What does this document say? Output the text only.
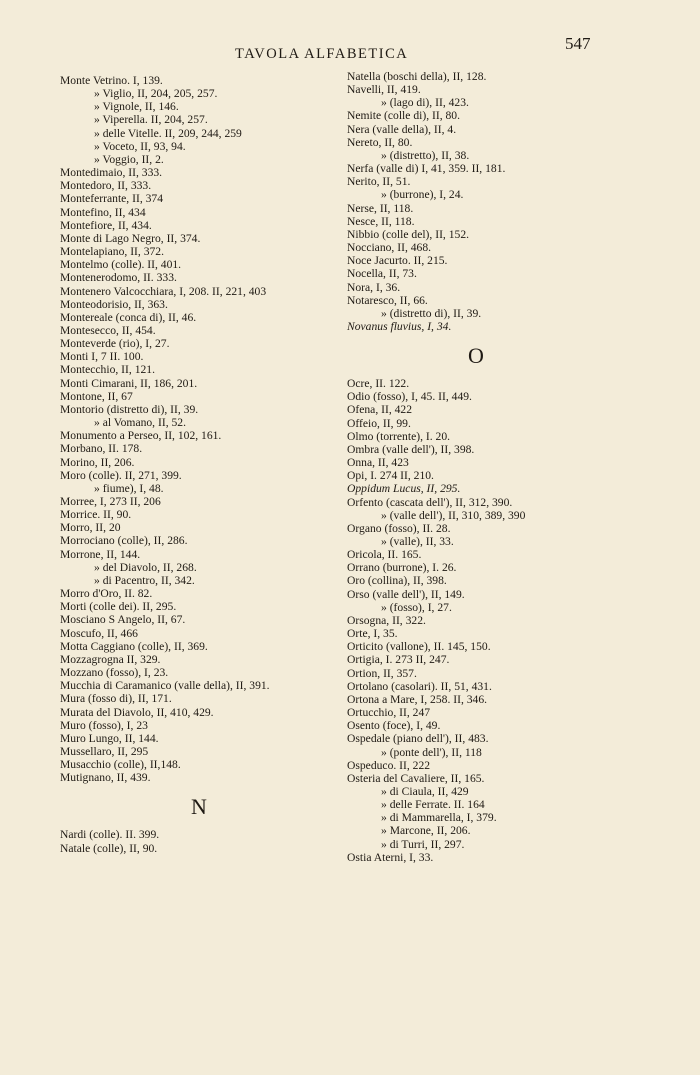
TAVOLA ALFABETICA
547
Monte Vetrino. I, 139.
» Viglio, II, 204, 205, 257.
» Vignole, II, 146.
» Viperella. II, 204, 257.
» delle Vitelle. II, 209, 244, 259
» Voceto, II, 93, 94.
» Voggio, II, 2.
Montedimaio, II, 333.
Montedoro, II, 333.
Monteferrante, II, 374
Montefino, II, 434
Montefiore, II, 434.
Monte di Lago Negro, II, 374.
Montelapiano, II, 372.
Montelmo (colle). II, 401.
Montenerodomo, II. 333.
Montenero Valcocchiara, I, 208. II, 221, 403
Monteodorisio, II, 363.
Montereale (conca di), II, 46.
Montesecco, II, 454.
Monteverde (rio), I, 27.
Monti I, 7 II. 100.
Montecchio, II, 121.
Monti Cimarani, II, 186, 201.
Montone, II, 67
Montorio (distretto di), II, 39.
» al Vomano, II, 52.
Monumento a Perseo, II, 102, 161.
Morbano, II. 178.
Morino, II, 206.
Moro (colle). II, 271, 399.
» fiume), I, 48.
Morree, I, 273 II, 206
Morrice. II, 90.
Morro, II, 20
Morrociano (colle), II, 286.
Morrone, II, 144.
» del Diavolo, II, 268.
» di Pacentro, II, 342.
Morro d'Oro, II. 82.
Morti (colle dei). II, 295.
Mosciano S Angelo, II, 67.
Moscufo, II, 466
Motta Caggiano (colle), II, 369.
Mozzagrogna II, 329.
Mozzano (fosso), I, 23.
Mucchia di Caramanico (valle della), II, 391.
Mura (fosso di), II, 171.
Murata del Diavolo, II, 410, 429.
Muro (fosso), I, 23
Muro Lungo, II, 144.
Mussellaro, II, 295
Musacchio (colle), II,148.
Mutignano, II, 439.
N
Nardi (colle). II. 399.
Natale (colle), II, 90.
Natella (boschi della), II, 128.
Navelli, II, 419.
» (lago di), II, 423.
Nemite (colle di), II, 80.
Nera (valle della), II, 4.
Nereto, II, 80.
» (distretto), II, 38.
Nerfa (valle di) I, 41, 359. II, 181.
Nerito, II, 51.
» (burrone), I, 24.
Nerse, II, 118.
Nesce, II, 118.
Nibbio (colle del), II, 152.
Nocciano, II, 468.
Noce Jacurto. II, 215.
Nocella, II, 73.
Nora, I, 36.
Notaresco, II, 66.
» (distretto di), II, 39.
Novanus fluvius, I, 34.
O
Ocre, II. 122.
Odio (fosso), I, 45. II, 449.
Ofena, II, 422
Offeio, II, 99.
Olmo (torrente), I. 20.
Ombra (valle dell'), II, 398.
Onna, II, 423
Opi, I. 274 II, 210.
Oppidum Lucus, II, 295.
Orfento (cascata dell'), II, 312, 390.
» (valle dell'), II, 310, 389, 390
Organo (fosso), II. 28.
» (valle), II, 33.
Oricola, II. 165.
Orrano (burrone), I. 26.
Oro (collina), II, 398.
Orso (valle dell'), II, 149.
» (fosso), I, 27.
Orsogna, II, 322.
Orte, I, 35.
Orticito (vallone), II. 145, 150.
Ortigia, I. 273 II, 247.
Ortion, II, 357.
Ortolano (casolari). II, 51, 431.
Ortona a Mare, I, 258. II, 346.
Ortucchio, II, 247
Osento (foce), I, 49.
Ospedale (piano dell'), II, 483.
» (ponte dell'), II, 118
Ospeduco. II, 222
Osteria del Cavaliere, II, 165.
» di Ciaula, II, 429
» delle Ferrate. II. 164
» di Mammarella, I, 379.
» Marcone, II, 206.
» di Turri, II, 297.
Ostia Aterni, I, 33.
